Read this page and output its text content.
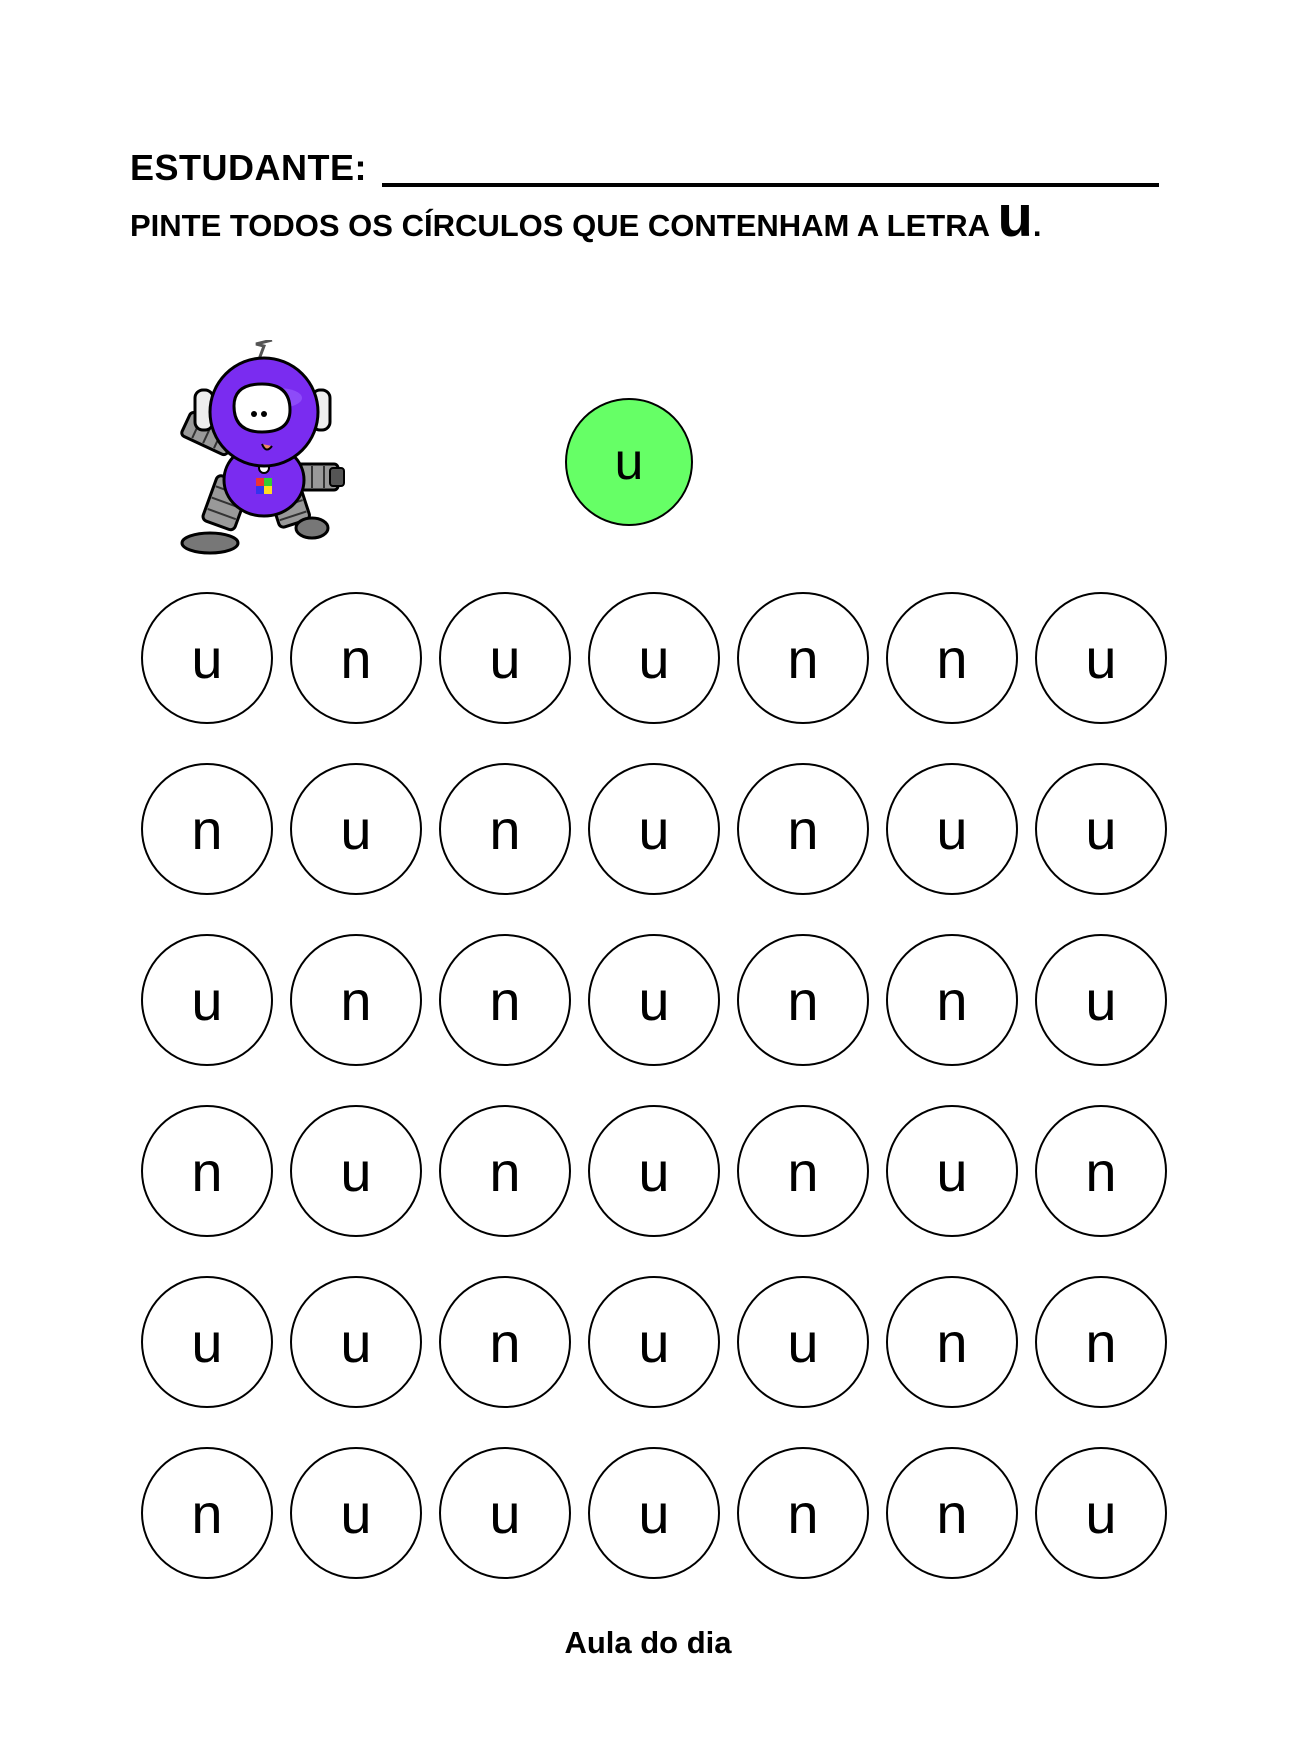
ESTUDANTE:
PINTE TODOS OS CÍRCULOS QUE CONTENHAM A LETRA u.
u
u	n	u	u	n	n	u
n	u	n	u	n	u	u
u	n	n	u	n	n	u
n	u	n	u	n	u	n
u	u	n	u	u	n	n
n	u	u	u	n	n	u
Aula do dia
